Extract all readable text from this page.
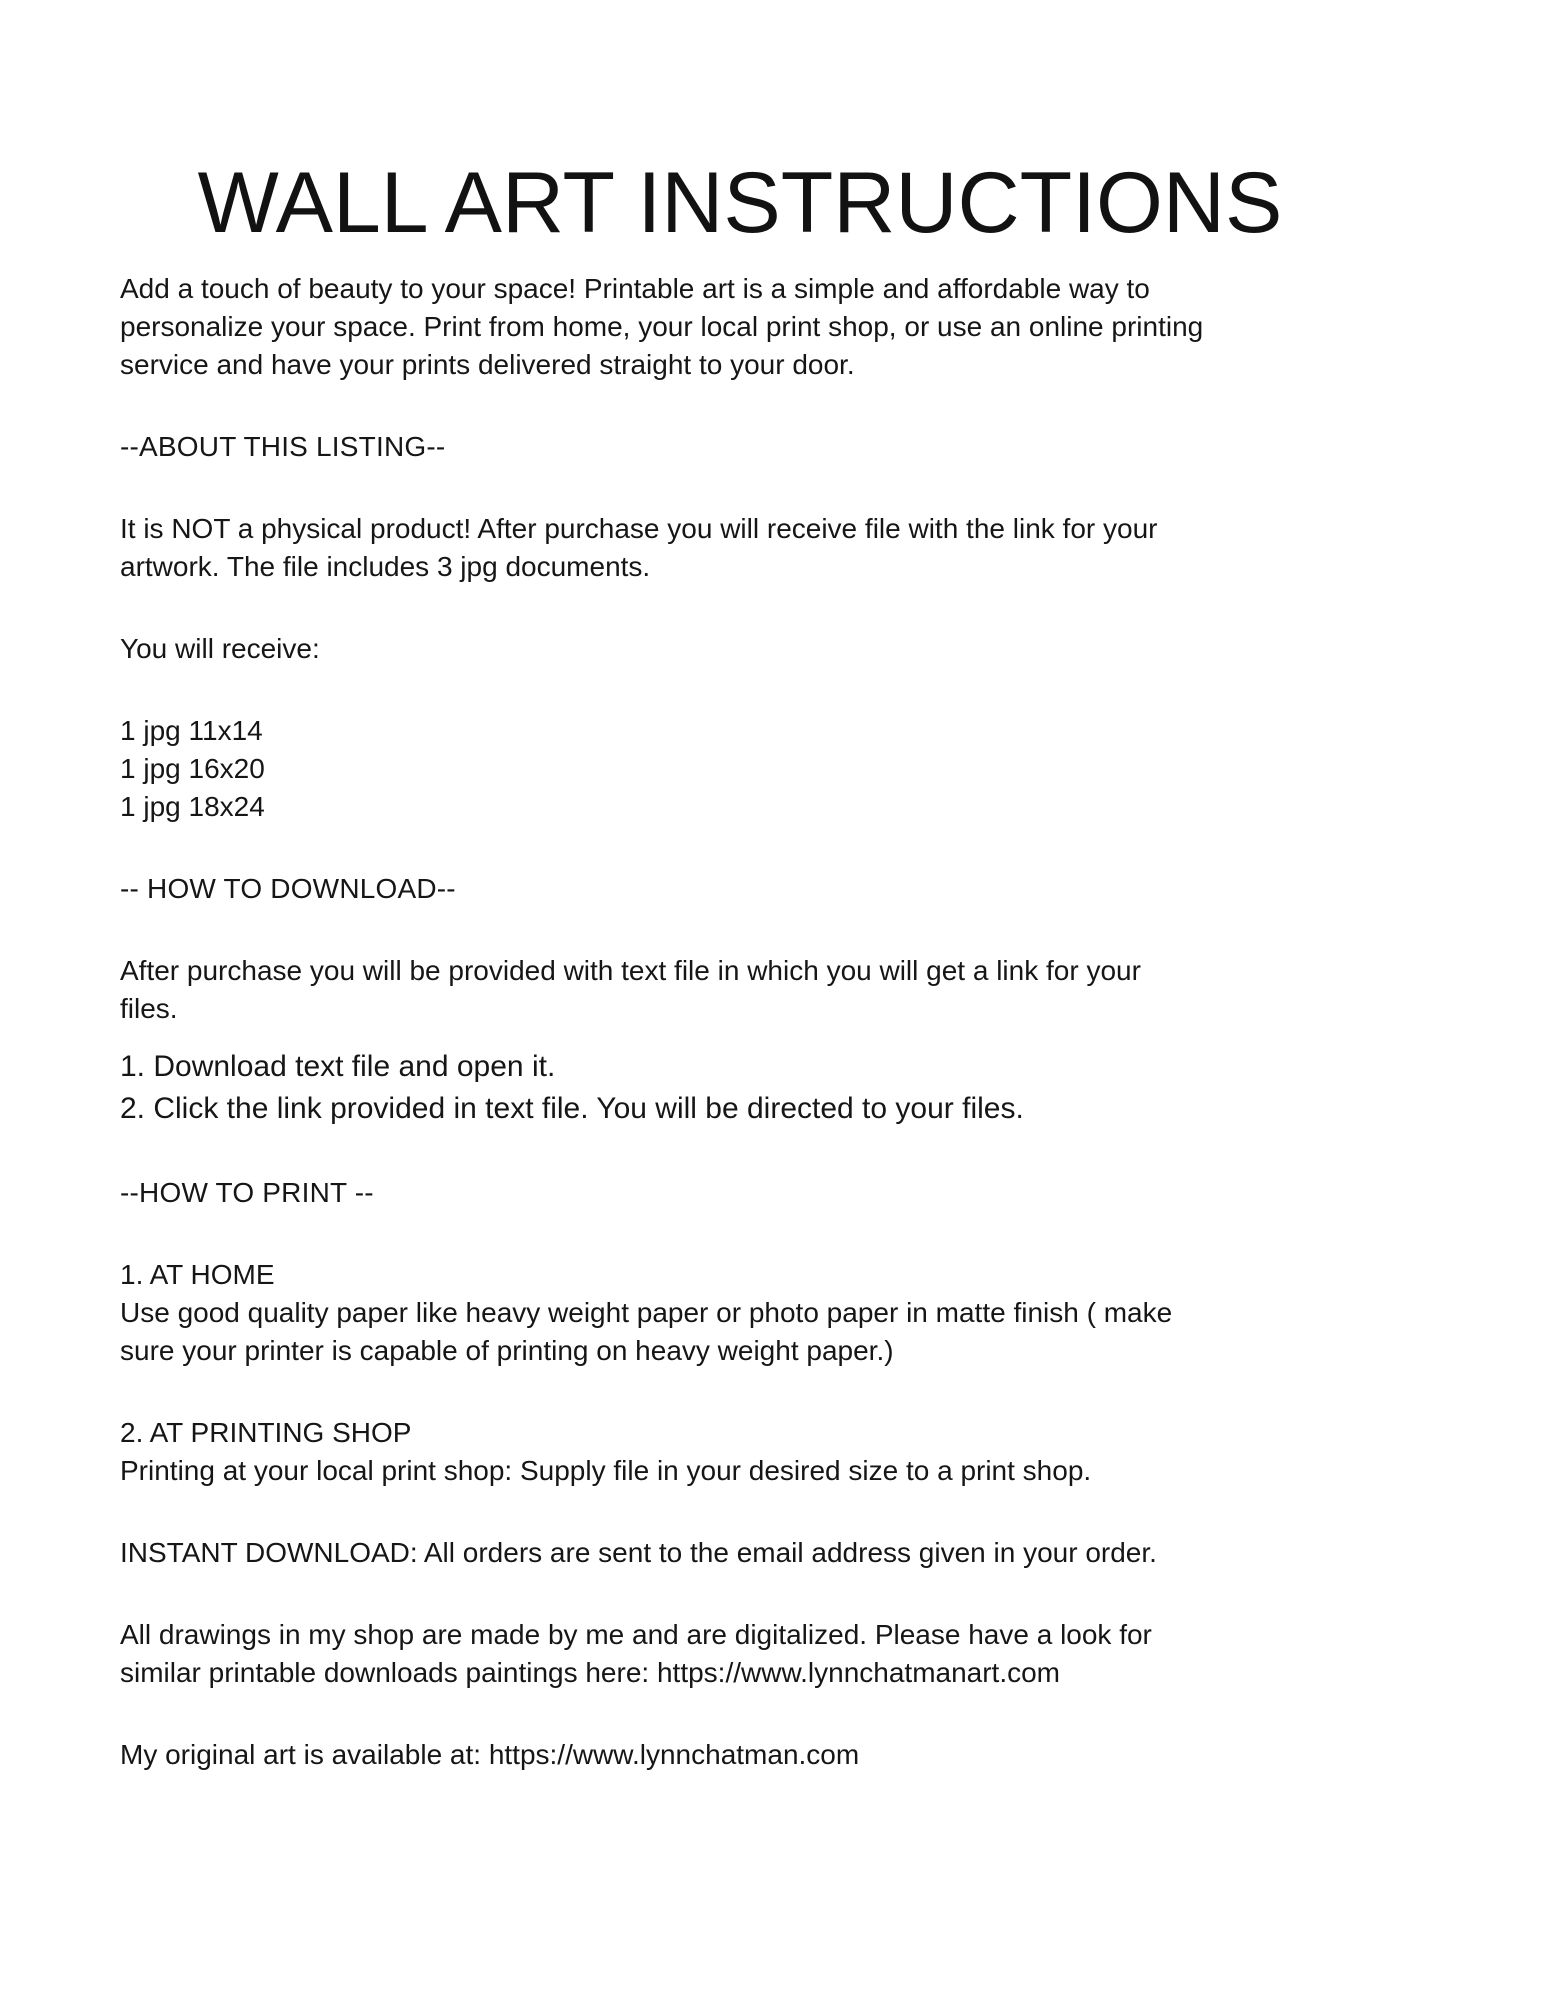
WALL ART INSTRUCTIONS
Add a touch of beauty to your space! Printable art is a simple and affordable way to
personalize your space. Print from home, your local print shop, or use an online printing
service and have your prints delivered straight to your door.
--ABOUT THIS LISTING--
It is NOT a physical product! After purchase you will receive file with the link for your
artwork. The file includes 3 jpg documents.
You will receive:
1 jpg 11x14
1 jpg 16x20
1 jpg 18x24
-- HOW TO DOWNLOAD--
After purchase you will be provided with text file in which you will get a link for your
files.
1. Download text file and open it.
2. Click the link provided in text file. You will be directed to your files.
--HOW TO PRINT --
1. AT HOME
Use good quality paper like heavy weight paper or photo paper in matte finish ( make
sure your printer is capable of printing on heavy weight paper.)
2. AT PRINTING SHOP
Printing at your local print shop: Supply file in your desired size to a print shop.
INSTANT DOWNLOAD: All orders are sent to the email address given in your order.
All drawings in my shop are made by me and are digitalized. Please have a look for
similar printable downloads paintings here: https://www.lynnchatmanart.com
My original art is available at: https://www.lynnchatman.com
